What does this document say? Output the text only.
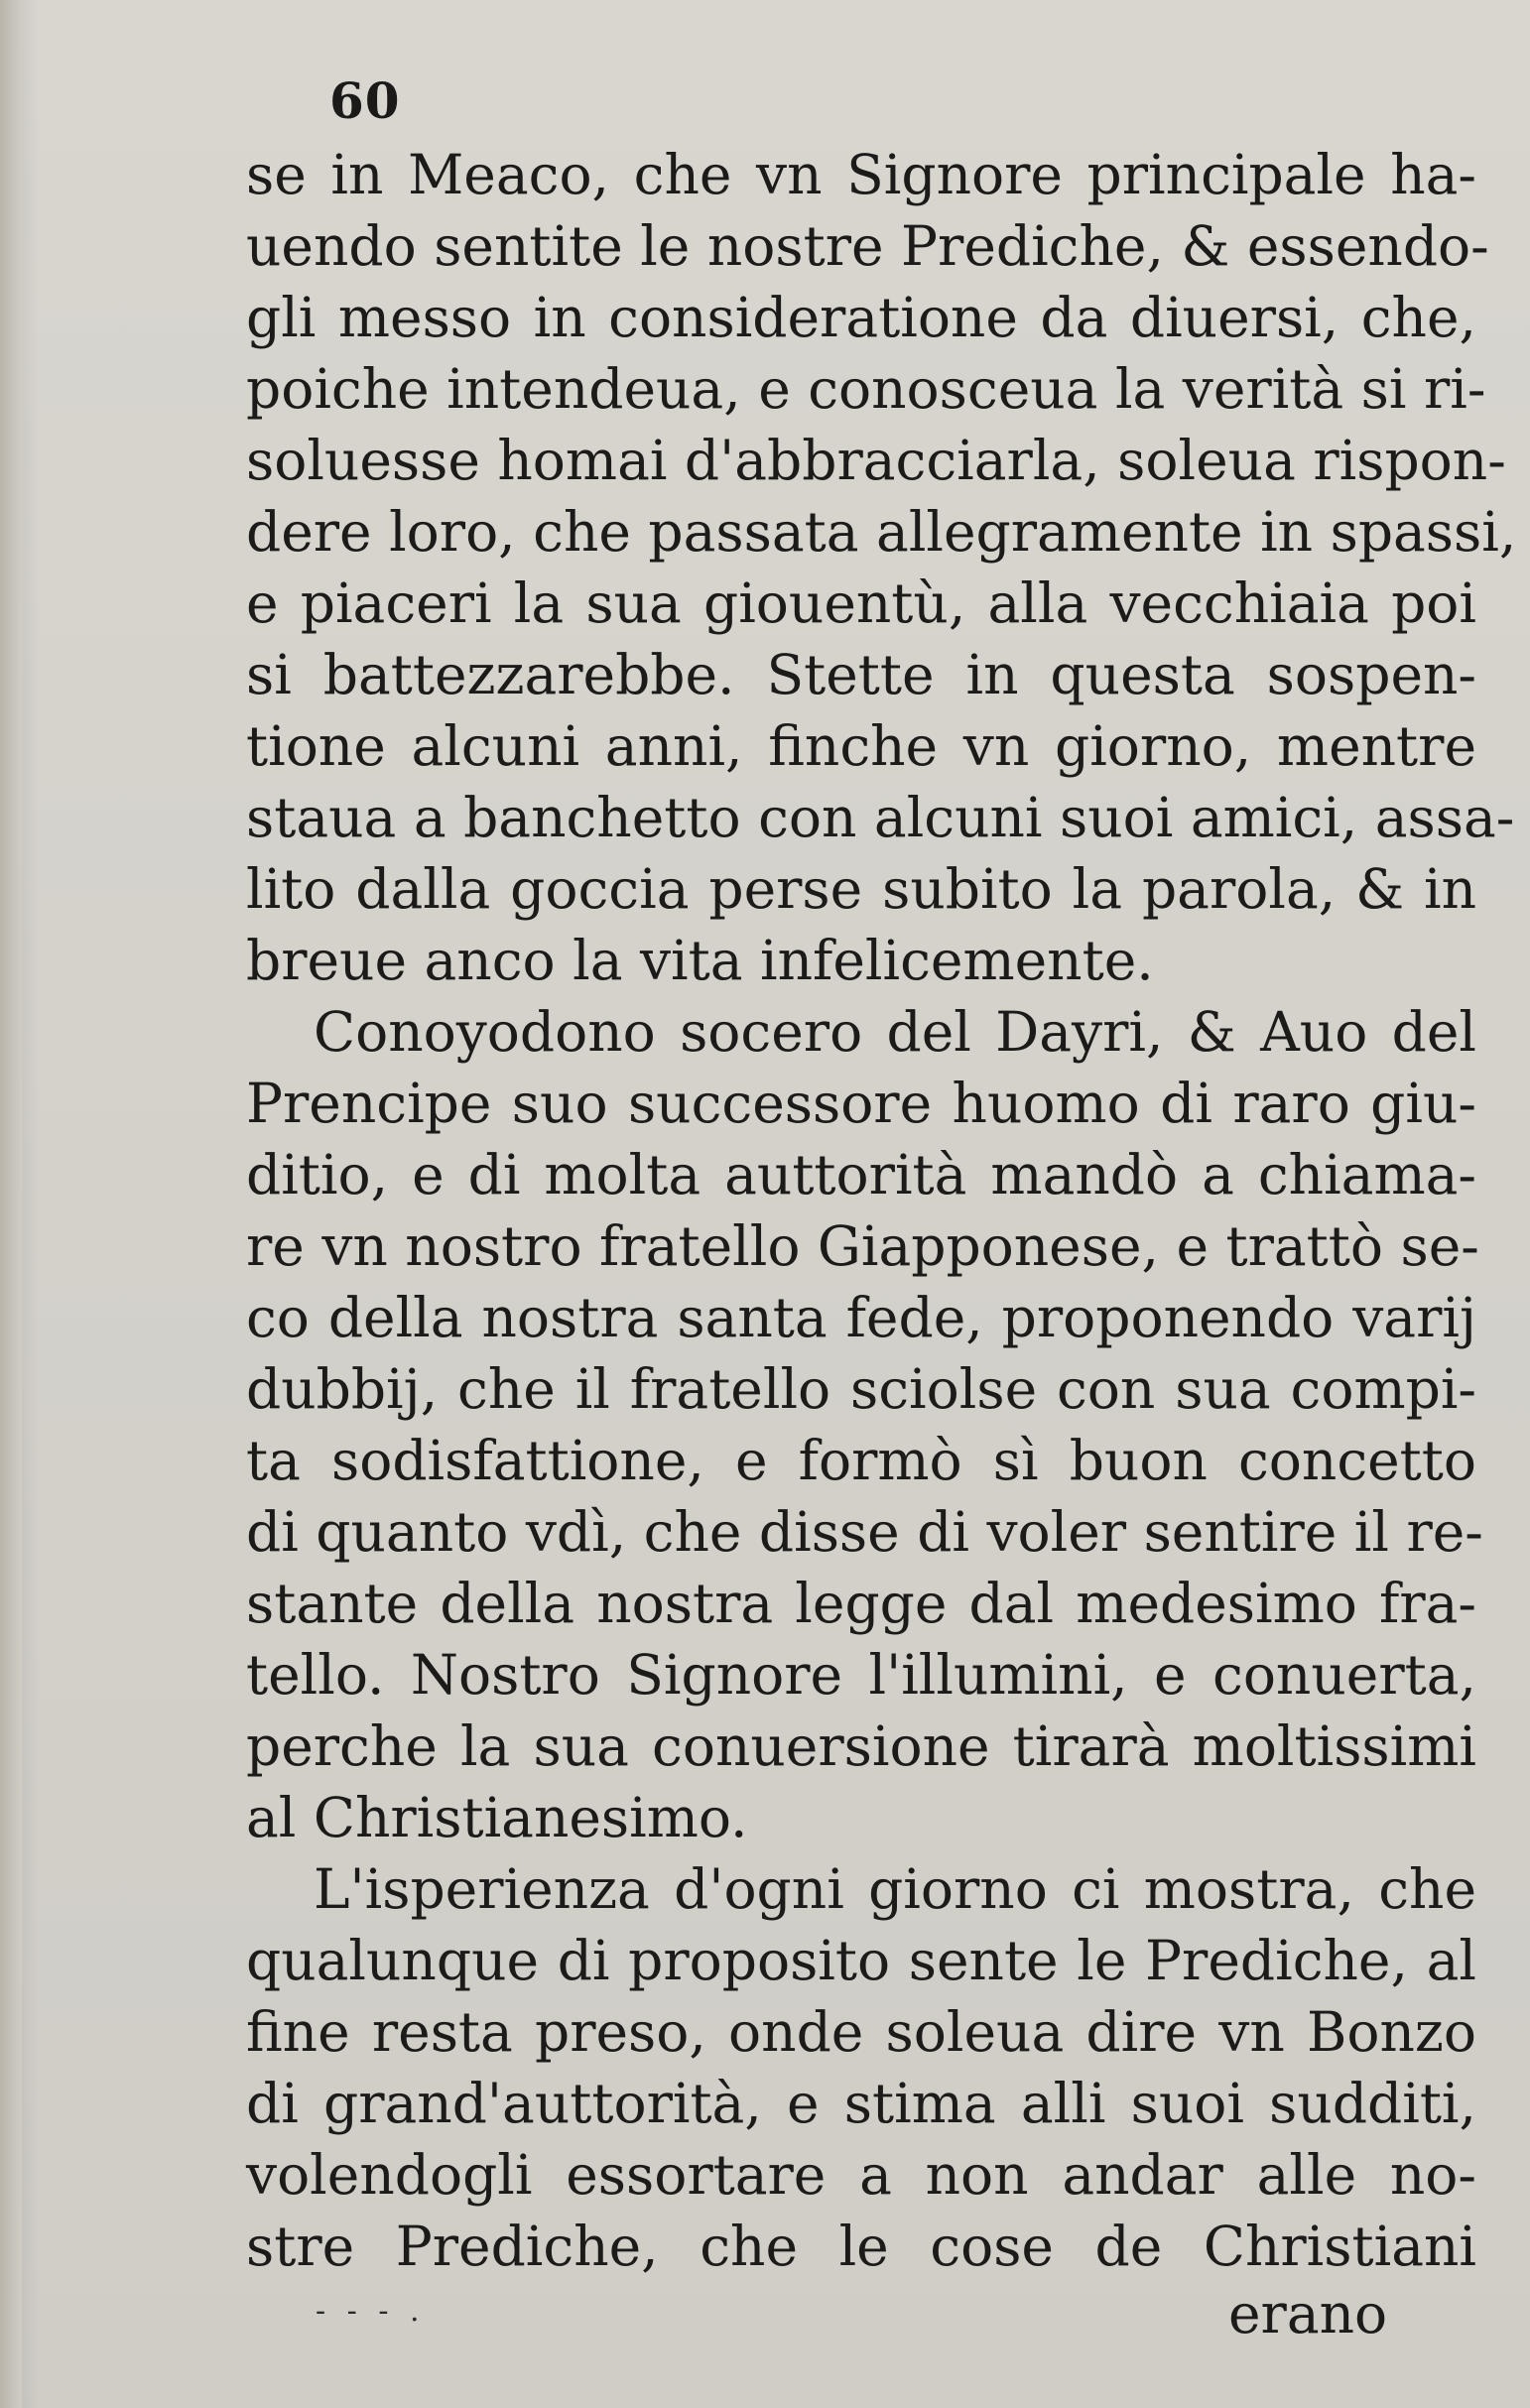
60
se in Meaco, che vn Signore principale ha-
uendo sentite le nostre Prediche, & essendo-
gli messo in consideratione da diuersi, che,
poiche intendeua, e conosceua la verità si ri-
soluesse homai d'abbracciarla, soleua rispon-
dere loro, che passata allegramente in spassi,
e piaceri la sua giouentù, alla vecchiaia poi
si battezzarebbe. Stette in questa sospen-
tione alcuni anni, finche vn giorno, mentre
staua a banchetto con alcuni suoi amici, assa-
lito dalla goccia perse subito la parola, & in
breue anco la vita infelicemente.
Conoyodono socero del Dayri, & Auo del
Prencipe suo successore huomo di raro giu-
ditio, e di molta auttorità mandò a chiama-
re vn nostro fratello Giapponese, e trattò se-
co della nostra santa fede, proponendo varij
dubbij, che il fratello sciolse con sua compi-
ta sodisfattione, e formò sì buon concetto
di quanto vdì, che disse di voler sentire il re-
stante della nostra legge dal medesimo fra-
tello. Nostro Signore l'illumini, e conuerta,
perche la sua conuersione tirarà moltissimi
al Christianesimo.
L'isperienza d'ogni giorno ci mostra, che
qualunque di proposito sente le Prediche, al
fine resta preso, onde soleua dire vn Bonzo
di grand'auttorità, e stima alli suoi sudditi,
volendogli essortare a non andar alle no-
stre Prediche, che le cose de Christiani
- - - .	erano
